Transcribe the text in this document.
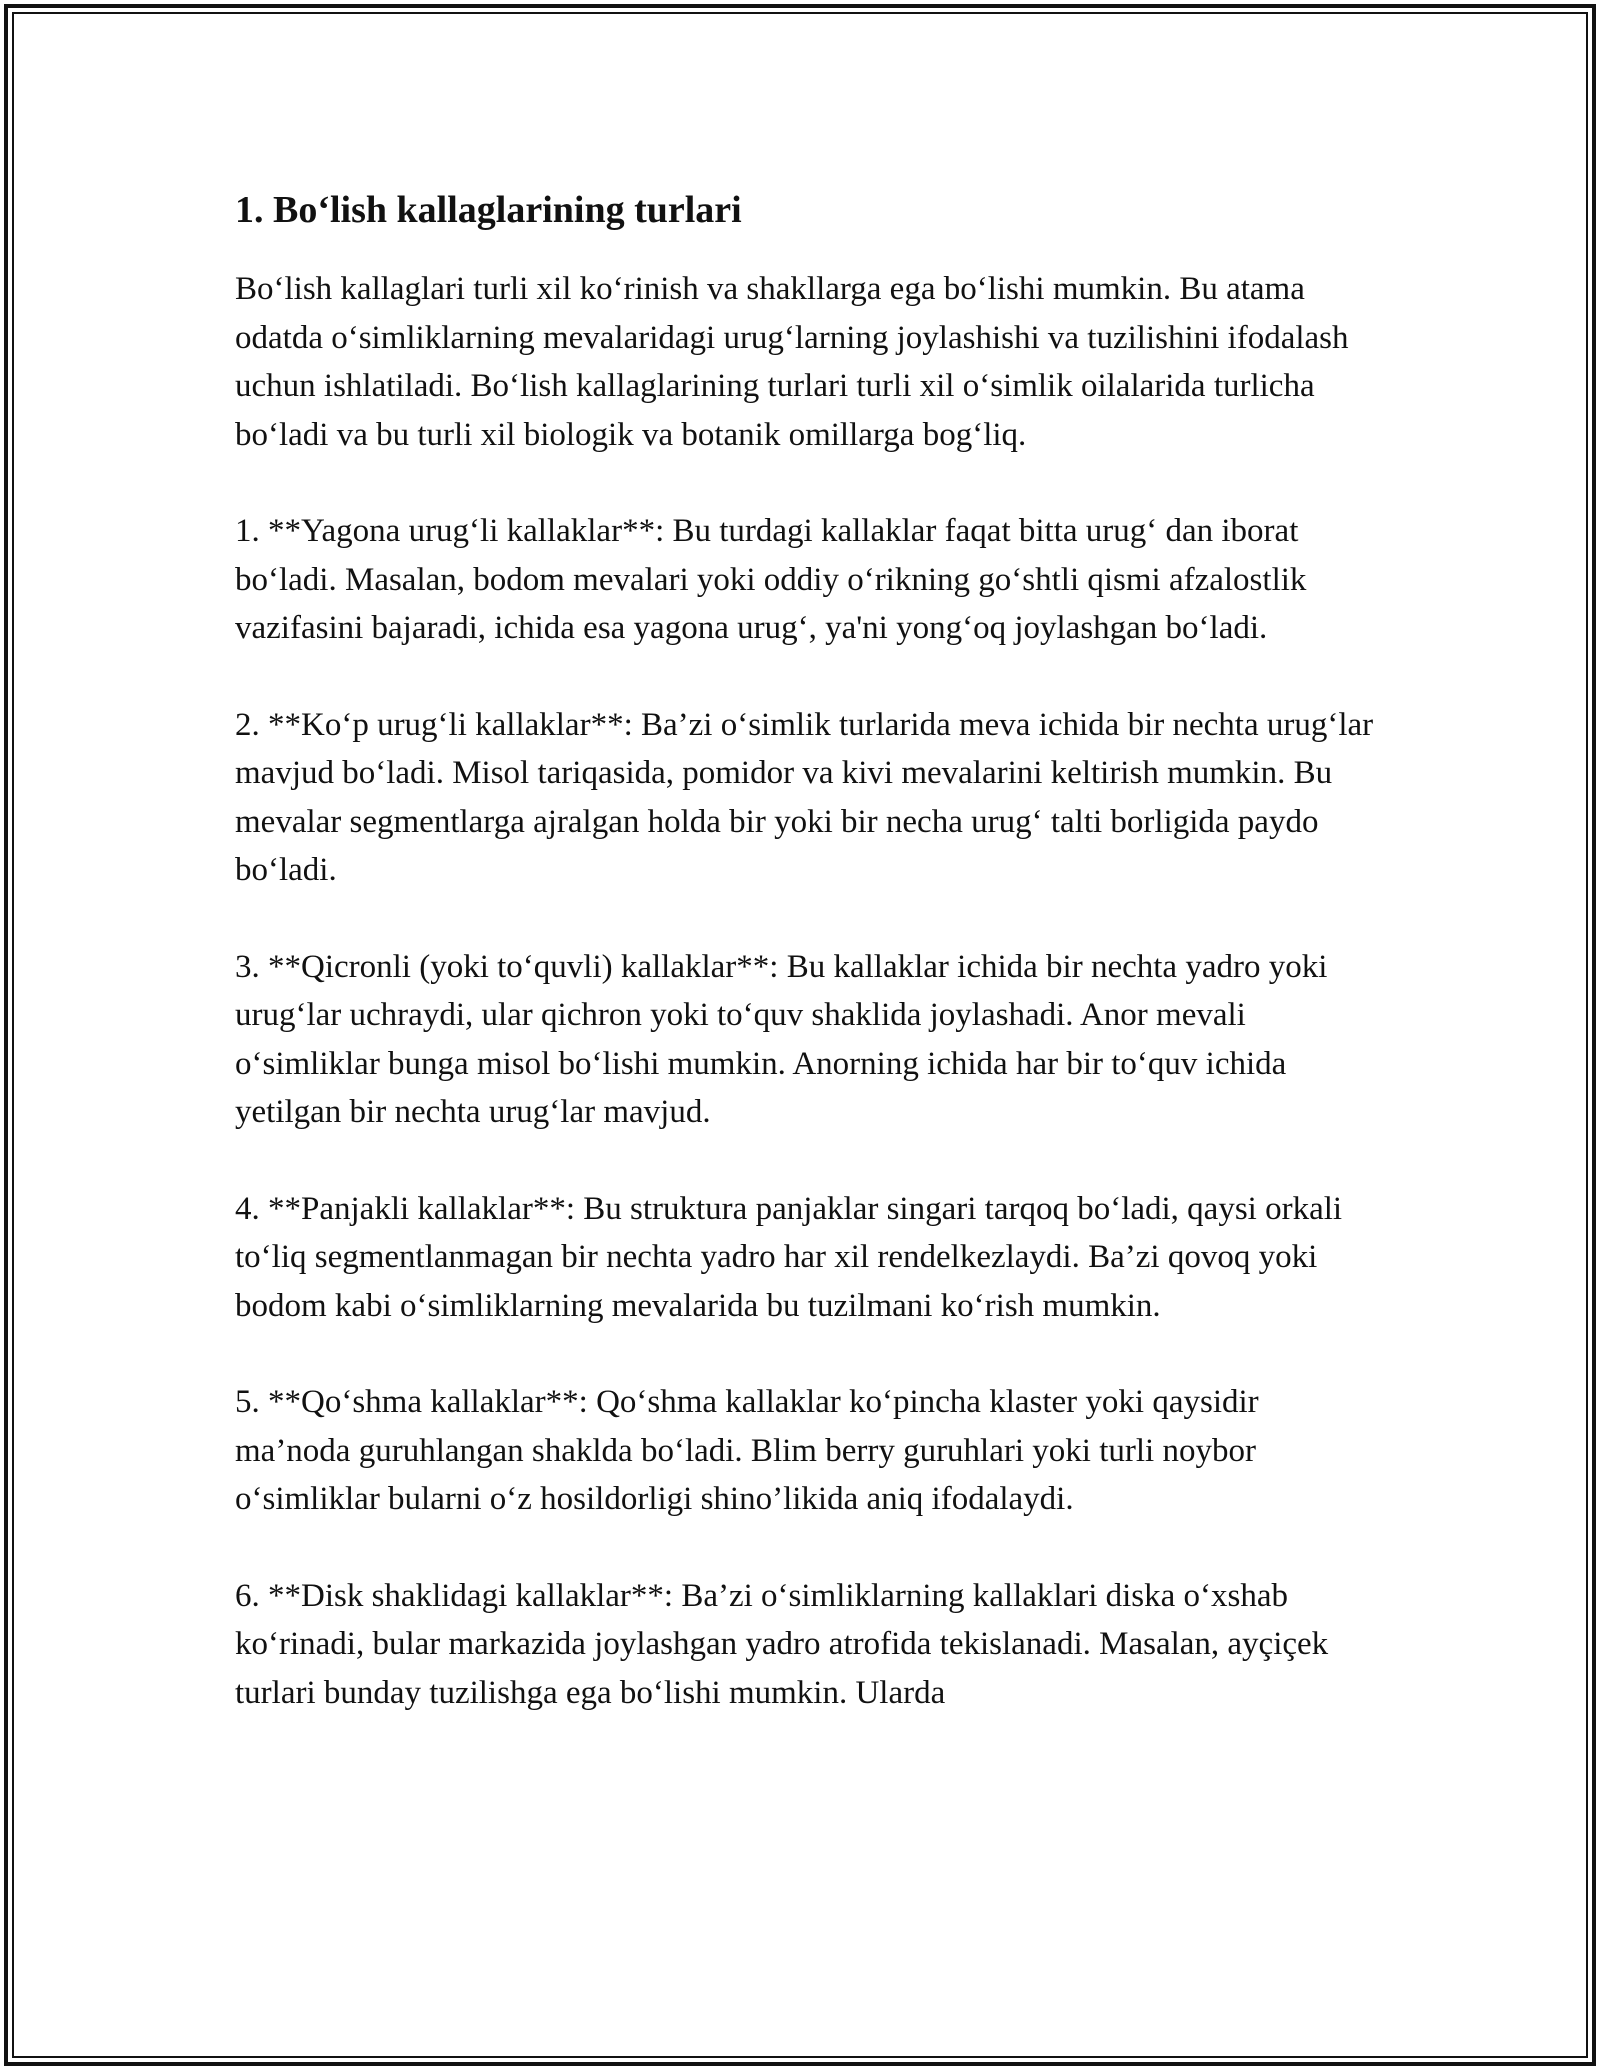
1. Bo‘lish kallaglarining turlari

Bo‘lish kallaglari turli xil ko‘rinish va shakllarga ega bo‘lishi mumkin. Bu atama odatda o‘simliklarning mevalaridagi urug‘larning joylashishi va tuzilishini ifodalash uchun ishlatiladi. Bo‘lish kallaglarining turlari turli xil o‘simlik oilalarida turlicha bo‘ladi va bu turli xil biologik va botanik omillarga bog‘liq.

1. **Yagona urug‘li kallaklar**: Bu turdagi kallaklar faqat bitta urug‘ dan iborat bo‘ladi. Masalan, bodom mevalari yoki oddiy o‘rikning go‘shtli qismi afzalostlik vazifasini bajaradi, ichida esa yagona urug‘, ya'ni yong‘oq joylashgan bo‘ladi.

2. **Ko‘p urug‘li kallaklar**: Ba’zi o‘simlik turlarida meva ichida bir nechta urug‘lar mavjud bo‘ladi. Misol tariqasida, pomidor va kivi mevalarini keltirish mumkin. Bu mevalar segmentlarga ajralgan holda bir yoki bir necha urug‘ talti borligida paydo bo‘ladi.

3. **Qicronli (yoki to‘quvli) kallaklar**: Bu kallaklar ichida bir nechta yadro yoki urug‘lar uchraydi, ular qichron yoki to‘quv shaklida joylashadi. Anor mevali o‘simliklar bunga misol bo‘lishi mumkin. Anorning ichida har bir to‘quv ichida yetilgan bir nechta urug‘lar mavjud.

4. **Panjakli kallaklar**: Bu struktura panjaklar singari tarqoq bo‘ladi, qaysi orkali to‘liq segmentlanmagan bir nechta yadro har xil rendelkezlaydi. Ba’zi qovoq yoki bodom kabi o‘simliklarning mevalarida bu tuzilmani ko‘rish mumkin.

5. **Qo‘shma kallaklar**: Qo‘shma kallaklar ko‘pincha klaster yoki qaysidir ma’noda guruhlangan shakldа bo‘ladi. Blim berry guruhlari yoki turli noybor o‘simliklar bularni o‘z hosildorligi shino’likida aniq ifodalaydi.

6. **Disk shaklidagi kallaklar**: Ba’zi o‘simliklarning kallaklari diska o‘xshab ko‘rinadi, bular markazida joylashgan yadro atrofida tekislanadi. Masalan, ayçiçek turlari bunday tuzilishga ega bo‘lishi mumkin. Ularda
